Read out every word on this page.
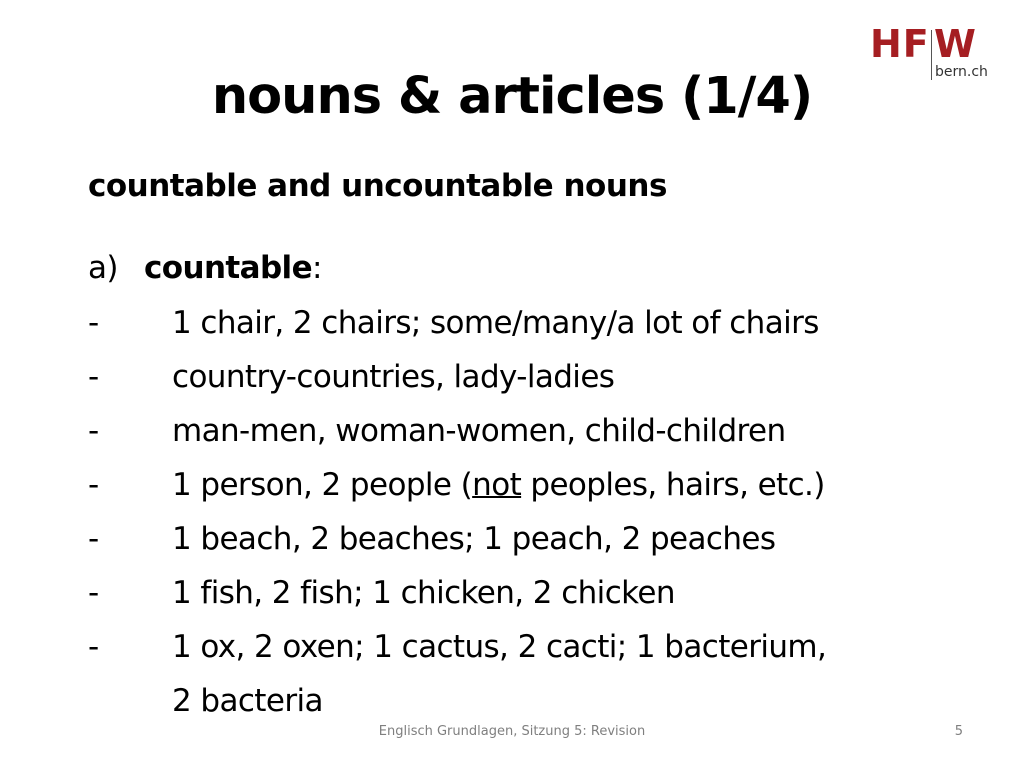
HF W
bern.ch
nouns & articles (1/4)
countable and uncountable nouns
a) countable:
- 1 chair, 2 chairs; some/many/a lot of chairs
- country-countries, lady-ladies
- man-men, woman-women, child-children
- 1 person, 2 people (not peoples, hairs, etc.)
- 1 beach, 2 beaches; 1 peach, 2 peaches
- 1 fish, 2 fish; 1 chicken, 2 chicken
- 1 ox, 2 oxen; 1 cactus, 2 cacti; 1 bacterium,
2 bacteria
Englisch Grundlagen, Sitzung 5: Revision	5
